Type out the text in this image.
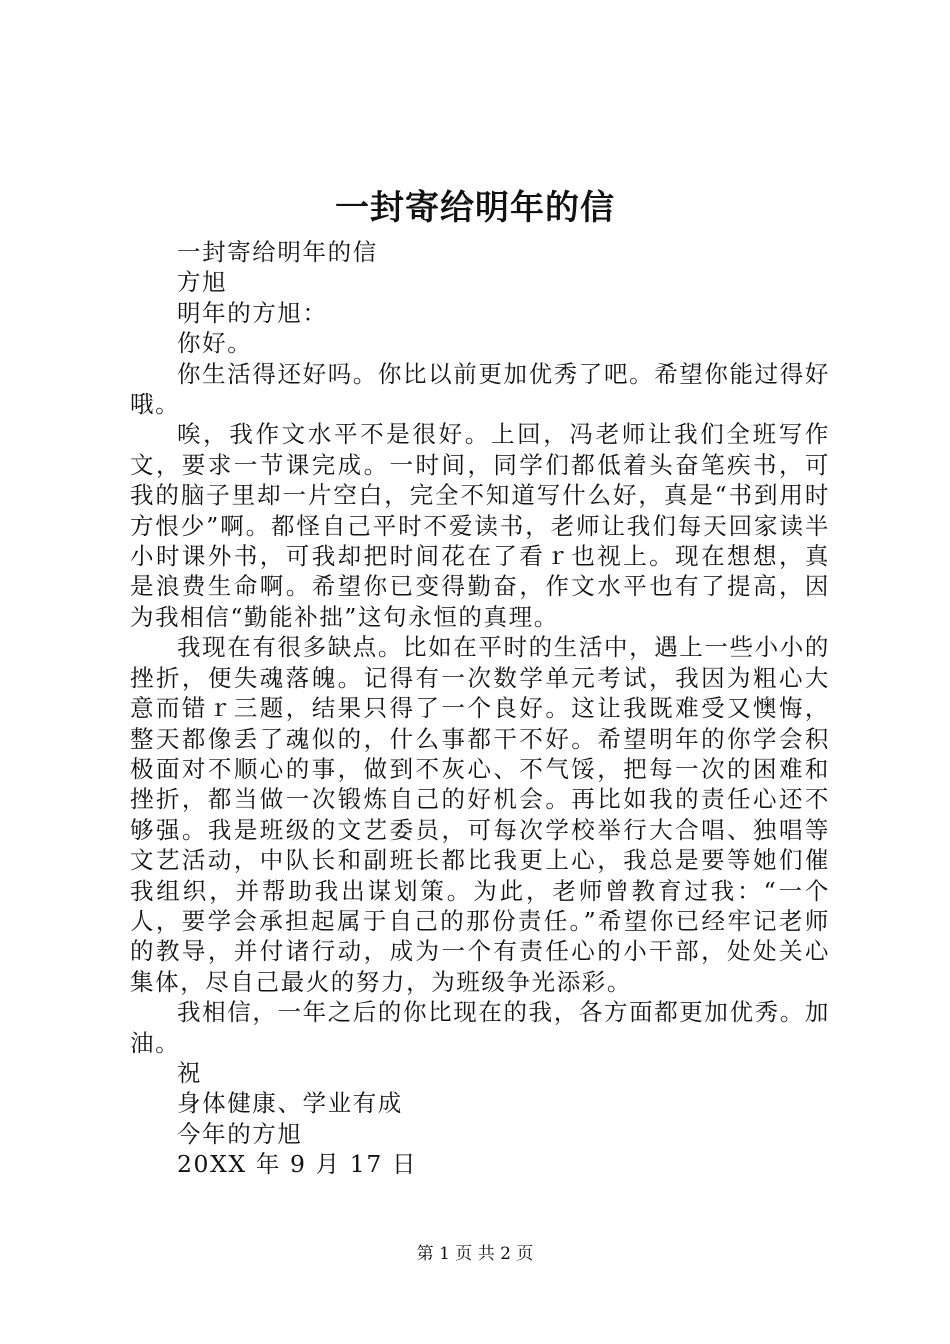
一封寄给明年的信

一封寄给明年的信

方旭

明年的方旭：

你好。

你生活得还好吗。你比以前更加优秀了吧。希望你能过得好哦。

唉，我作文水平不是很好。上回，冯老师让我们全班写作文，要求一节课完成。一时间，同学们都低着头奋笔疾书，可我的脑子里却一片空白，完全不知道写什么好，真是“书到用时方恨少”啊。都怪自己平时不爱读书，老师让我们每天回家读半小时课外书，可我却把时间花在了看ｒ也视上。现在想想，真是浪费生命啊。希望你已变得勤奋，作文水平也有了提高，因为我相信“勤能补拙”这句永恒的真理。

我现在有很多缺点。比如在平时的生活中，遇上一些小小的挫折，便失魂落魄。记得有一次数学单元考试，我因为粗心大意而错ｒ三题，结果只得了一个良好。这让我既难受又懊悔，整天都像丢了魂似的，什么事都干不好。希望明年的你学会积极面对不顺心的事，做到不灰心、不气馁，把每一次的困难和挫折，都当做一次锻炼自己的好机会。再比如我的责任心还不够强。我是班级的文艺委员，可每次学校举行大合唱、独唱等文艺活动，中队长和副班长都比我更上心，我总是要等她们催我组织，并帮助我出谋划策。为此，老师曾教育过我：“一个人，要学会承担起属于自己的那份责任。”希望你已经牢记老师的教导，并付诸行动，成为一个有责任心的小干部，处处关心集体，尽自己最火的努力，为班级争光添彩。

我相信，一年之后的你比现在的我，各方面都更加优秀。加油。

祝

身体健康、学业有成

今年的方旭

20XX 年 9 月 17 日

第 1 页 共 2 页
